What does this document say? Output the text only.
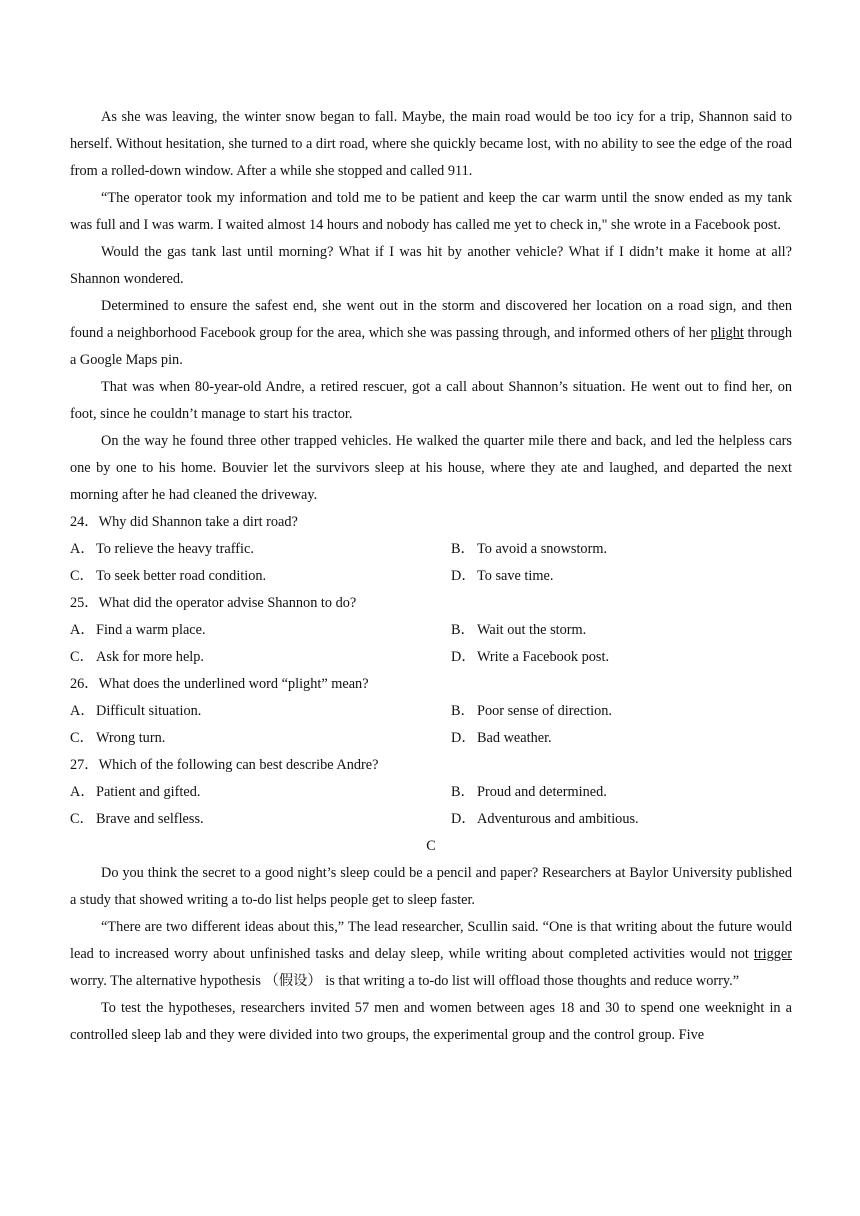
As she was leaving, the winter snow began to fall. Maybe, the main road would be too icy for a trip, Shannon said to herself. Without hesitation, she turned to a dirt road, where she quickly became lost, with no ability to see the edge of the road from a rolled-down window. After a while she stopped and called 911.

“The operator took my information and told me to be patient and keep the car warm until the snow ended as my tank was full and I was warm. I waited almost 14 hours and nobody has called me yet to check in," she wrote in a Facebook post.

Would the gas tank last until morning? What if I was hit by another vehicle? What if I didn’t make it home at all? Shannon wondered.

Determined to ensure the safest end, she went out in the storm and discovered her location on a road sign, and then found a neighborhood Facebook group for the area, which she was passing through, and informed others of her plight through a Google Maps pin.

That was when 80-year-old Andre, a retired rescuer, got a call about Shannon’s situation. He went out to find her, on foot, since he couldn’t manage to start his tractor.

On the way he found three other trapped vehicles. He walked the quarter mile there and back, and led the helpless cars one by one to his home. Bouvier let the survivors sleep at his house, where they ate and laughed, and departed the next morning after he had cleaned the driveway.

24．Why did Shannon take a dirt road?

A．To relieve the heavy traffic.	B． To avoid a snowstorm.
C． To seek better road condition.	D．To save time.

25．What did the operator advise Shannon to do?

A．Find a warm place.	B． Wait out the storm.
C． Ask for more help.	D．Write a Facebook post.

26．What does the underlined word “plight” mean?

A．Difficult situation.	B． Poor sense of direction.
C． Wrong turn.	D．Bad weather.

27．Which of the following can best describe Andre?

A．Patient and gifted.	B． Proud and determined.
C． Brave and selfless.	D．Adventurous and ambitious.

C

Do you think the secret to a good night’s sleep could be a pencil and paper? Researchers at Baylor University published a study that showed writing a to-do list helps people get to sleep faster.

“There are two different ideas about this,” The lead researcher, Scullin said. “One is that writing about the future would lead to increased worry about unfinished tasks and delay sleep, while writing about completed activities would not trigger worry. The alternative hypothesis （假设） is that writing a to-do list will offload those thoughts and reduce worry.”

To test the hypotheses, researchers invited 57 men and women between ages 18 and 30 to spend one weeknight in a controlled sleep lab and they were divided into two groups, the experimental group and the control group. Five
